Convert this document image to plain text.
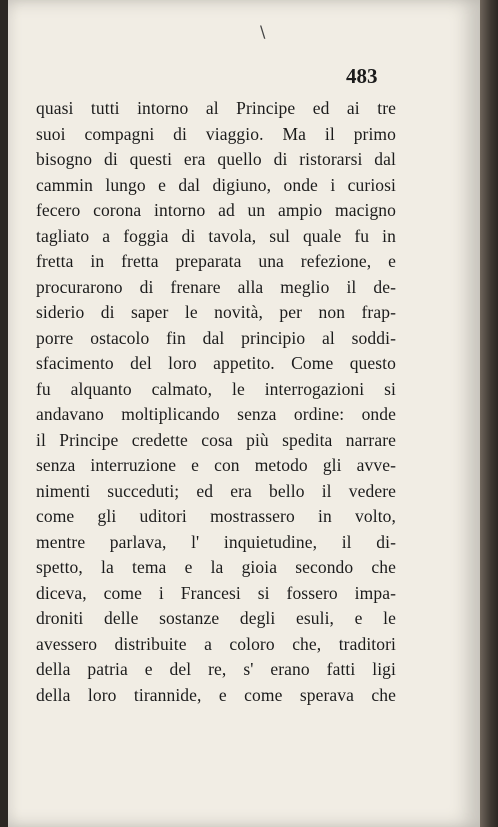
\
483
quasi tutti intorno al Principe ed ai tre
suoi compagni di viaggio. Ma il primo
bisogno di questi era quello di ristorarsi dal
cammin lungo e dal digiuno, onde i curiosi
fecero corona intorno ad un ampio macigno
tagliato a foggia di tavola, sul quale fu in
fretta in fretta preparata una refezione, e
procurarono di frenare alla meglio il de-
siderio di saper le novità, per non frap-
porre ostacolo fin dal principio al soddi-
sfacimento del loro appetito. Come questo
fu alquanto calmato, le interrogazioni si
andavano moltiplicando senza ordine: onde
il Principe credette cosa più spedita narrare
senza interruzione e con metodo gli avve-
nimenti succeduti; ed era bello il vedere
come gli uditori mostrassero in volto,
mentre parlava, l' inquietudine, il di-
spetto, la tema e la gioia secondo che
diceva, come i Francesi si fossero impa-
droniti delle sostanze degli esuli, e le
avessero distribuite a coloro che, traditori
della patria e del re, s' erano fatti ligi
della loro tirannide, e come sperava che
